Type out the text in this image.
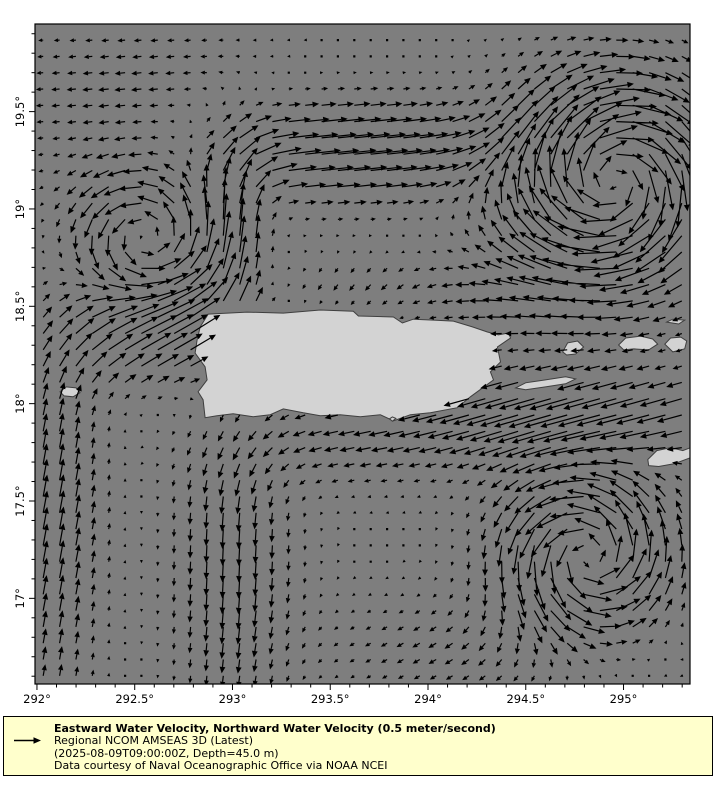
292°	292.5°	293°	293.5°	294°	294.5°	295°
17°
17.5°
18°
18.5°
19°
19.5°
Eastward Water Velocity, Northward Water Velocity (0.5 meter/second)
Regional NCOM AMSEAS 3D (Latest)
(2025-08-09T09:00:00Z, Depth=45.0 m)
Data courtesy of Naval Oceanographic Office via NOAA NCEI
